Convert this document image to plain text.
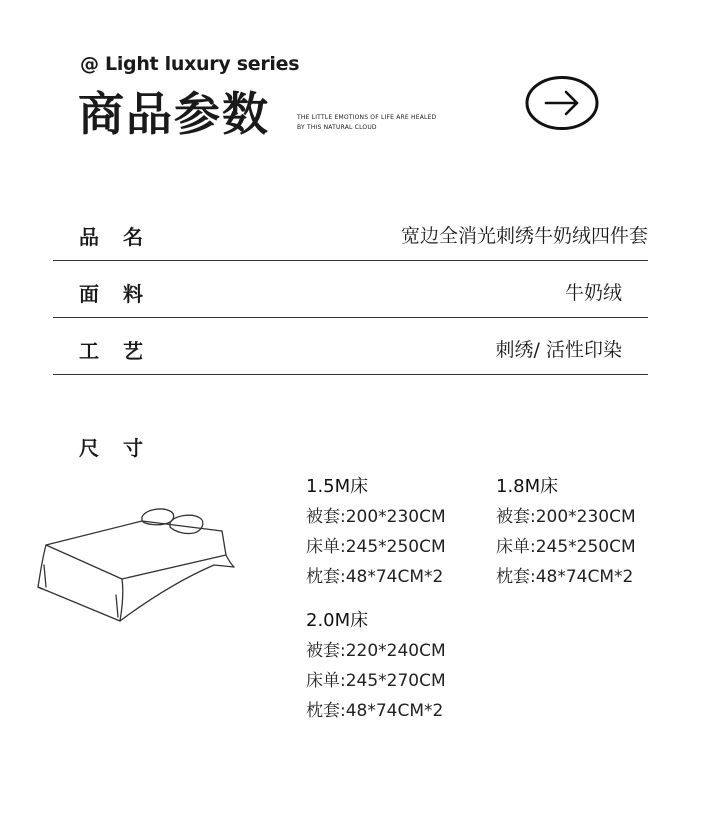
@ Light luxury series
商品参数	THE LITTLE EMOTIONS OF LIFE ARE HEALED
BY THIS NATURAL CLOUD
品名	宽边全消光刺绣牛奶绒四件套
面料	牛奶绒
工艺	刺绣/ 活性印染
尺寸
1.5M床
被套:200*230CM
床单:245*250CM
枕套:48*74CM*2
1.8M床
被套:200*230CM
床单:245*250CM
枕套:48*74CM*2
2.0M床
被套:220*240CM
床单:245*270CM
枕套:48*74CM*2
